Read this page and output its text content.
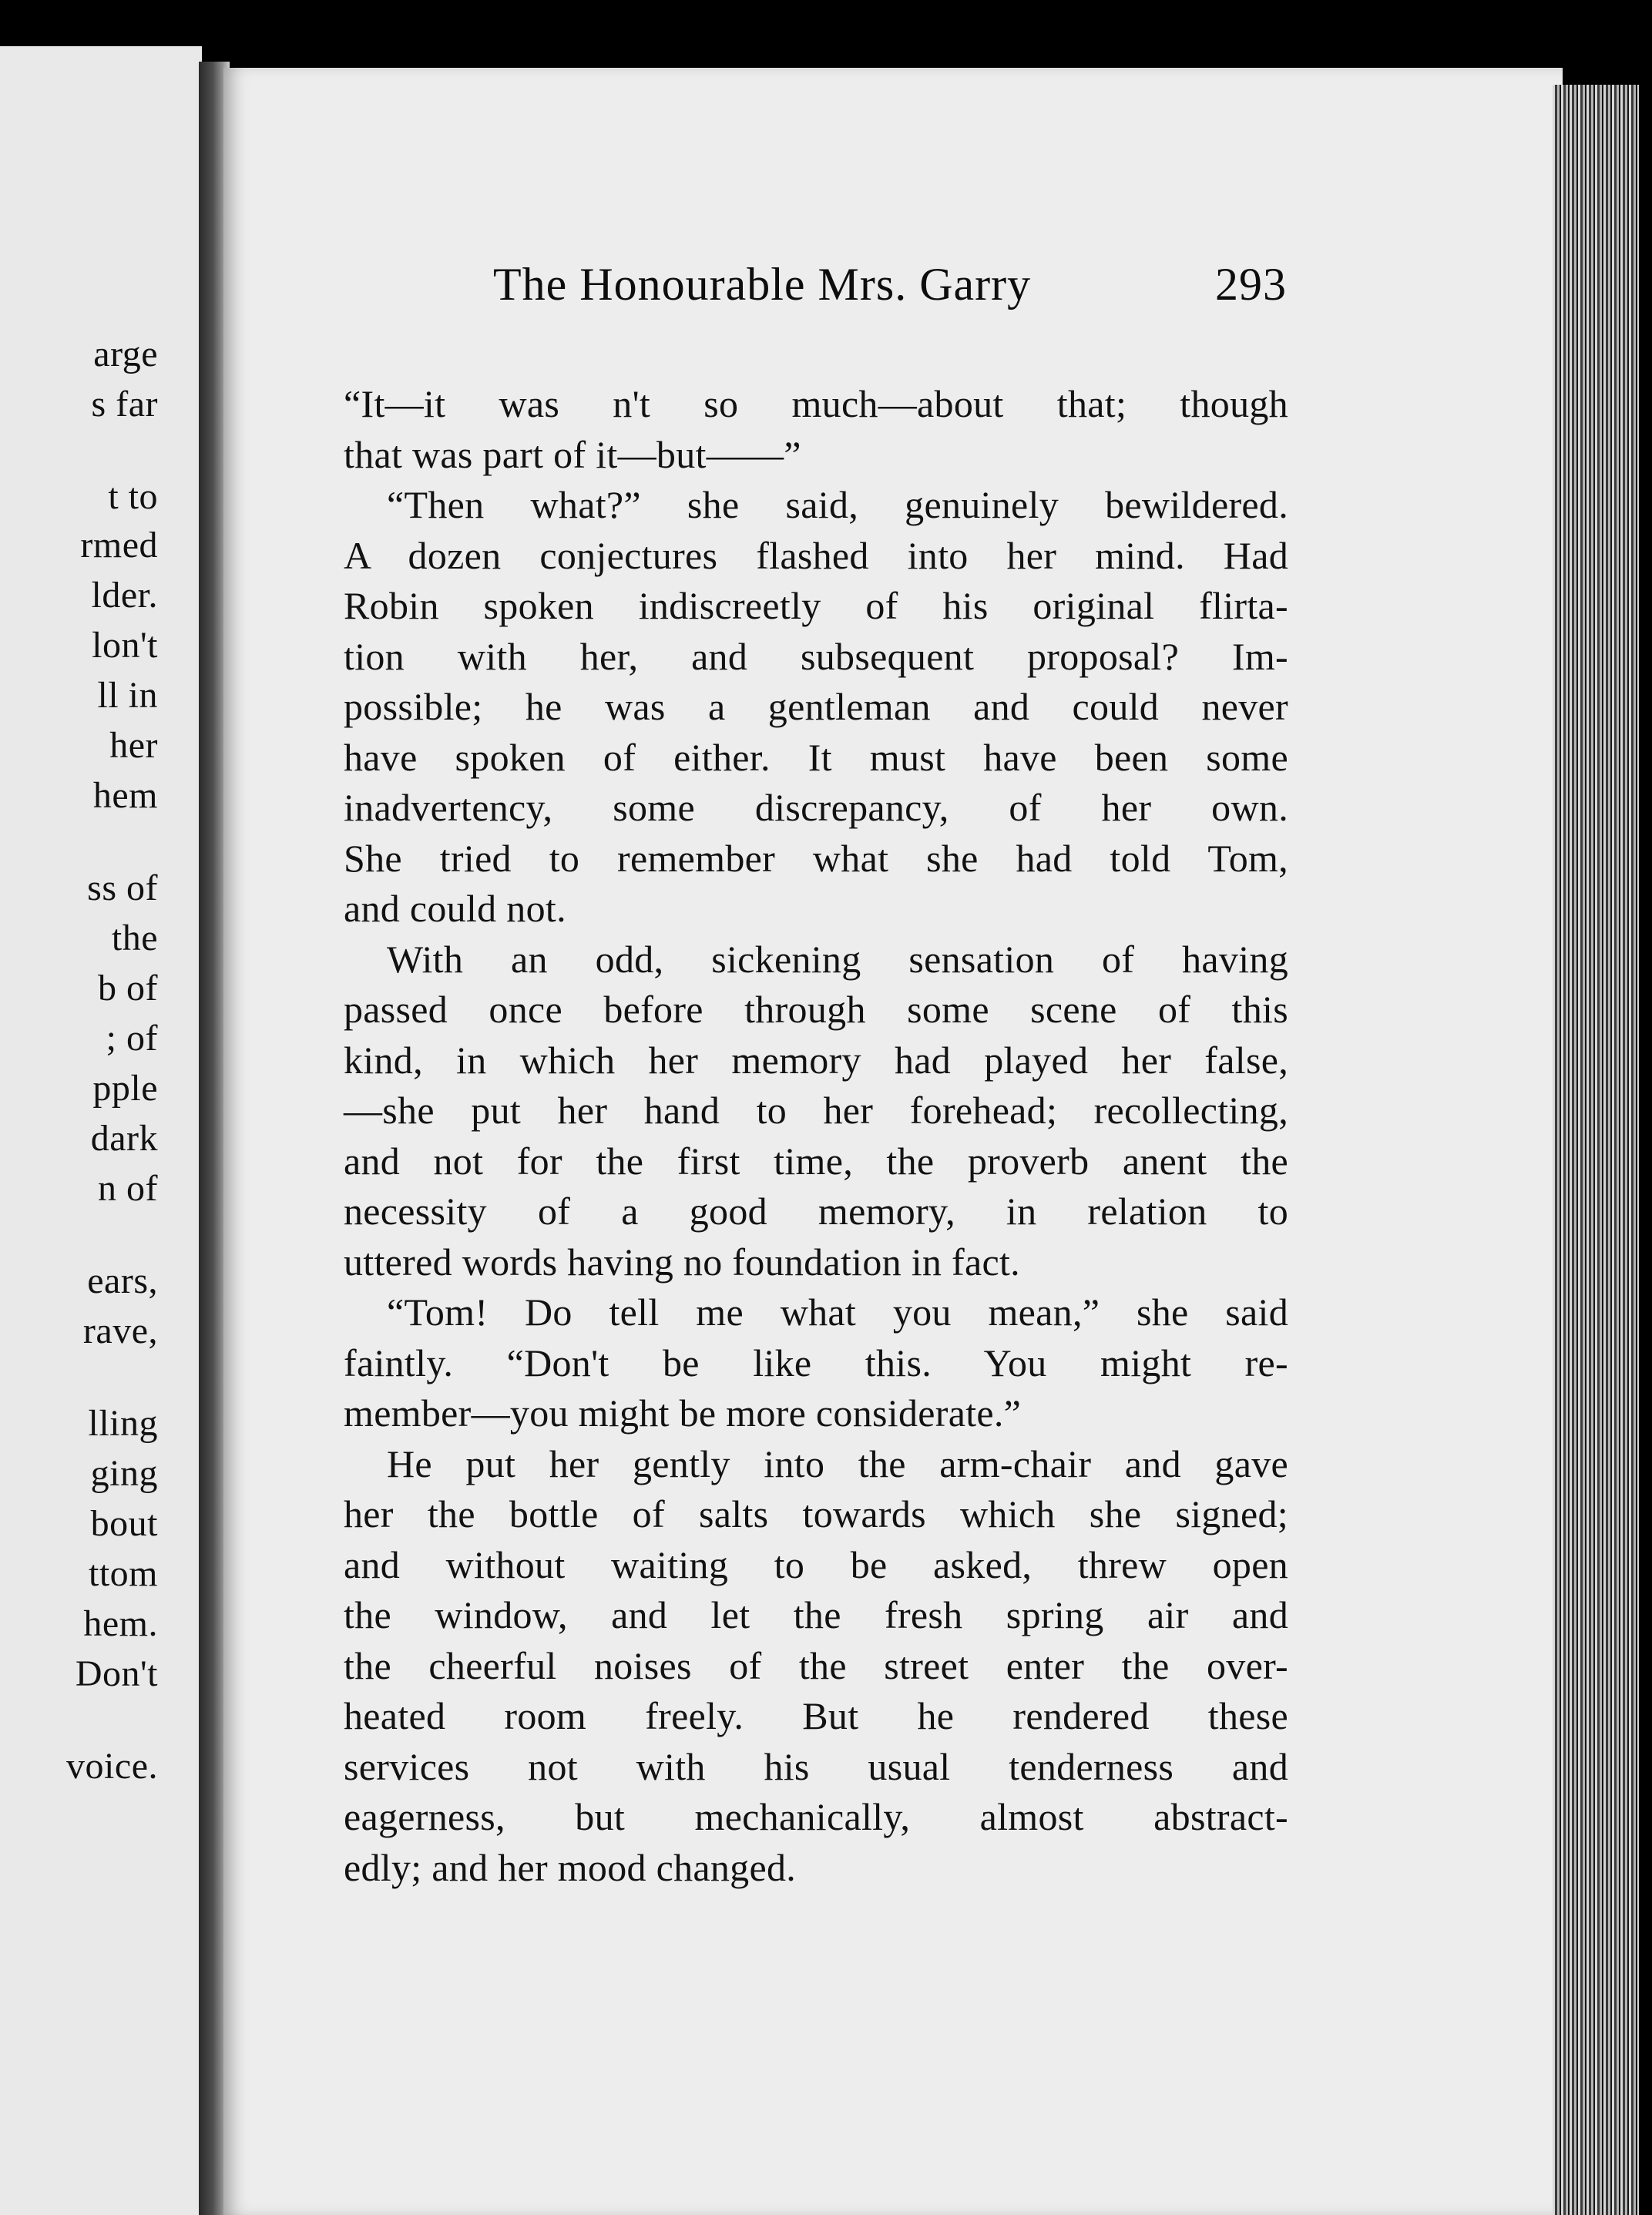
arge
s far
t to
rmed
lder.
lon't
ll in
her
hem
ss of
the
b of
; of
pple
dark
n of
ears,
rave,
lling
ging
bout
ttom
hem.
Don't
voice.
The Honourable Mrs. Garry	293
“It—it was n't so much—about that; though
that was part of it—but——”
“Then what?” she said, genuinely bewildered.
A dozen conjectures flashed into her mind. Had
Robin spoken indiscreetly of his original flirta-
tion with her, and subsequent proposal? Im-
possible; he was a gentleman and could never
have spoken of either. It must have been some
inadvertency, some discrepancy, of her own.
She tried to remember what she had told Tom,
and could not.
With an odd, sickening sensation of having
passed once before through some scene of this
kind, in which her memory had played her false,
—she put her hand to her forehead; recollecting,
and not for the first time, the proverb anent the
necessity of a good memory, in relation to
uttered words having no foundation in fact.
“Tom! Do tell me what you mean,” she said
faintly. “Don't be like this. You might re-
member—you might be more considerate.”
He put her gently into the arm-chair and gave
her the bottle of salts towards which she signed;
and without waiting to be asked, threw open
the window, and let the fresh spring air and
the cheerful noises of the street enter the over-
heated room freely. But he rendered these
services not with his usual tenderness and
eagerness, but mechanically, almost abstract-
edly; and her mood changed.
